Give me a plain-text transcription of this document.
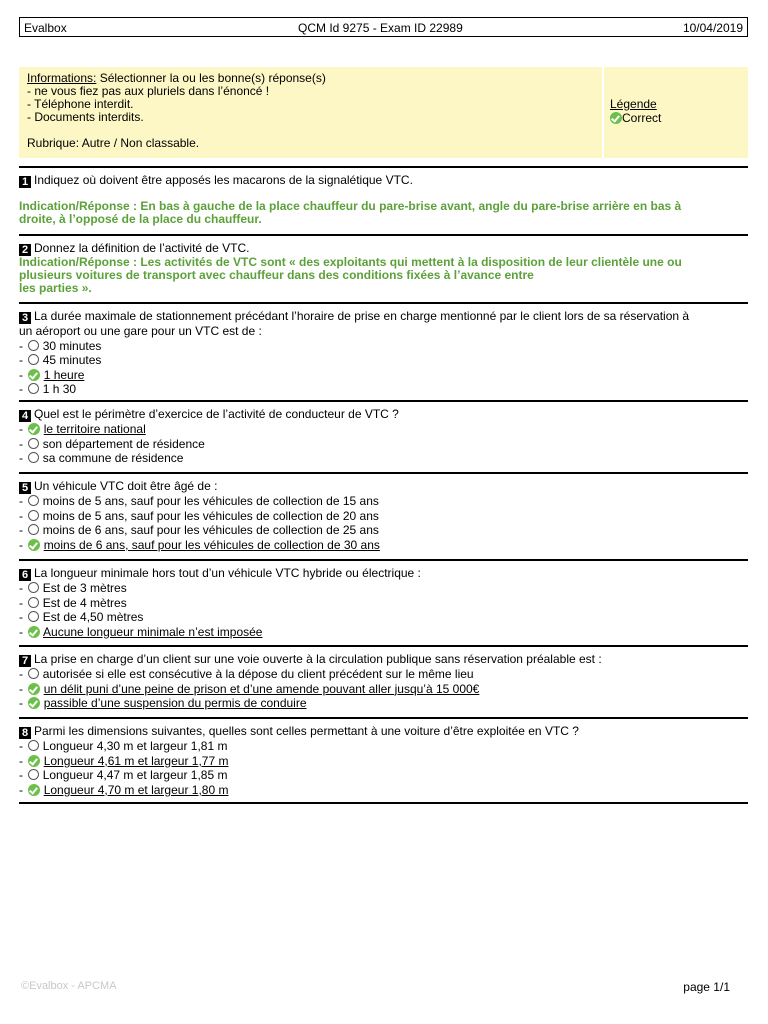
Evalbox	QCM Id 9275 - Exam ID 22989	10/04/2019
Informations: Sélectionner la ou les bonne(s) réponse(s)
- ne vous fiez pas aux pluriels dans l’énoncé !
- Téléphone interdit.
- Documents interdits.
Rubrique: Autre / Non classable.
Légende
Correct
1 Indiquez où doivent être apposés les macarons de la signalétique VTC.
Indication/Réponse : En bas à gauche de la place chauffeur du pare-brise avant, angle du pare-brise arrière en bas à
droite, à l’opposé de la place du chauffeur.
2 Donnez la définition de l’activité de VTC.
Indication/Réponse : Les activités de VTC sont « des exploitants qui mettent à la disposition de leur clientèle une ou
plusieurs voitures de transport avec chauffeur dans des conditions fixées à l’avance entre
les parties ».
3 La durée maximale de stationnement précédant l’horaire de prise en charge mentionné par le client lors de sa réservation à
un aéroport ou une gare pour un VTC est de :
-  30 minutes
-  45 minutes
-  1 heure
-  1 h 30
4 Quel est le périmètre d’exercice de l’activité de conducteur de VTC ?
-  le territoire national
-  son département de résidence
-  sa commune de résidence
5 Un véhicule VTC doit être âgé de :
-  moins de 5 ans, sauf pour les véhicules de collection de 15 ans
-  moins de 5 ans, sauf pour les véhicules de collection de 20 ans
-  moins de 6 ans, sauf pour les véhicules de collection de 25 ans
-  moins de 6 ans, sauf pour les véhicules de collection de 30 ans
6 La longueur minimale hors tout d’un véhicule VTC hybride ou électrique :
-  Est de 3 mètres
-  Est de 4 mètres
-  Est de 4,50 mètres
-  Aucune longueur minimale n’est imposée
7 La prise en charge d’un client sur une voie ouverte à la circulation publique sans réservation préalable est :
-  autorisée si elle est consécutive à la dépose du client précédent sur le même lieu
-  un délit puni d’une peine de prison et d’une amende pouvant aller jusqu’à 15 000€
-  passible d’une suspension du permis de conduire
8 Parmi les dimensions suivantes, quelles sont celles permettant à une voiture d’être exploitée en VTC ?
-  Longueur 4,30 m et largeur 1,81 m
-  Longueur 4,61 m et largeur 1,77 m
-  Longueur 4,47 m et largeur 1,85 m
-  Longueur 4,70 m et largeur 1,80 m
©Evalbox - APCMA	page 1/1
